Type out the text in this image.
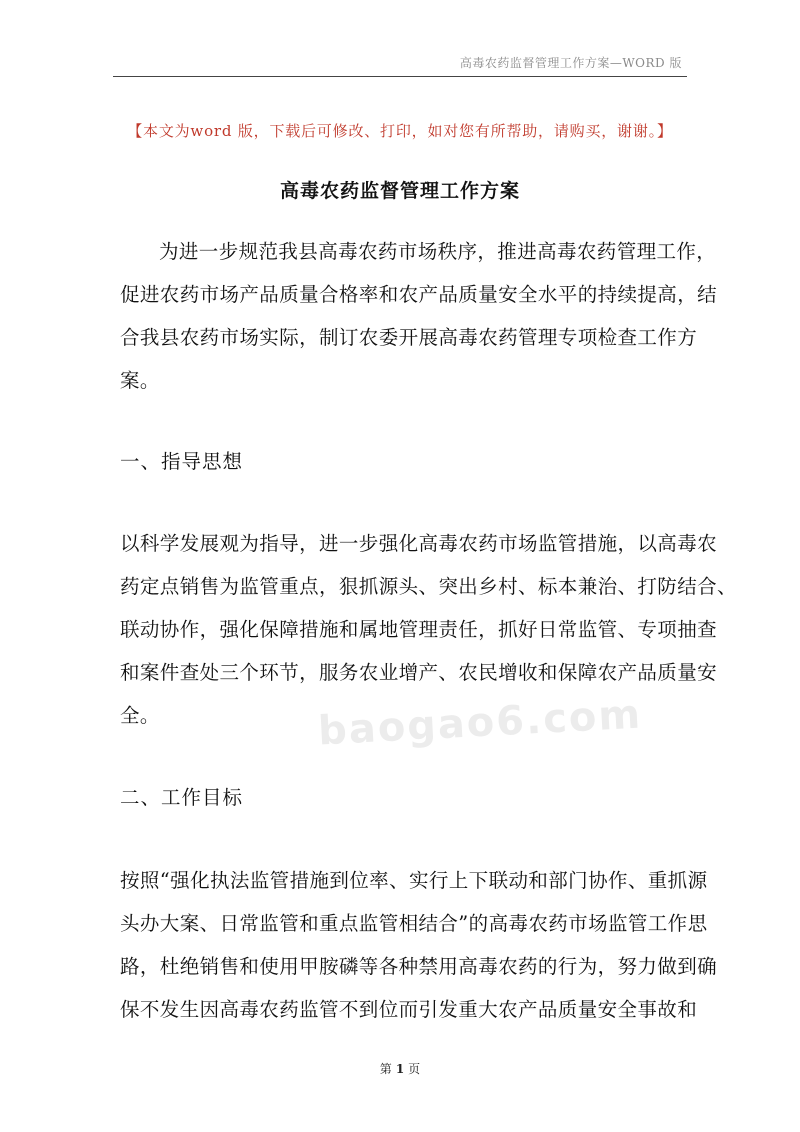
高毒农药监督管理工作方案—WORD 版
【本文为word 版，下载后可修改、打印，如对您有所帮助，请购买，谢谢。】
高毒农药监督管理工作方案
为进一步规范我县高毒农药市场秩序，推进高毒农药管理工作，
促进农药市场产品质量合格率和农产品质量安全水平的持续提高，结
合我县农药市场实际，制订农委开展高毒农药管理专项检查工作方
案。
一、指导思想
以科学发展观为指导，进一步强化高毒农药市场监管措施，以高毒农
药定点销售为监管重点，狠抓源头、突出乡村、标本兼治、打防结合、
联动协作，强化保障措施和属地管理责任，抓好日常监管、专项抽查
和案件查处三个环节，服务农业增产、农民增收和保障农产品质量安
全。	baogao6.com
二、工作目标
按照“强化执法监管措施到位率、实行上下联动和部门协作、重抓源
头办大案、日常监管和重点监管相结合”的高毒农药市场监管工作思
路，杜绝销售和使用甲胺磷等各种禁用高毒农药的行为，努力做到确
保不发生因高毒农药监管不到位而引发重大农产品质量安全事故和
第 1 页
